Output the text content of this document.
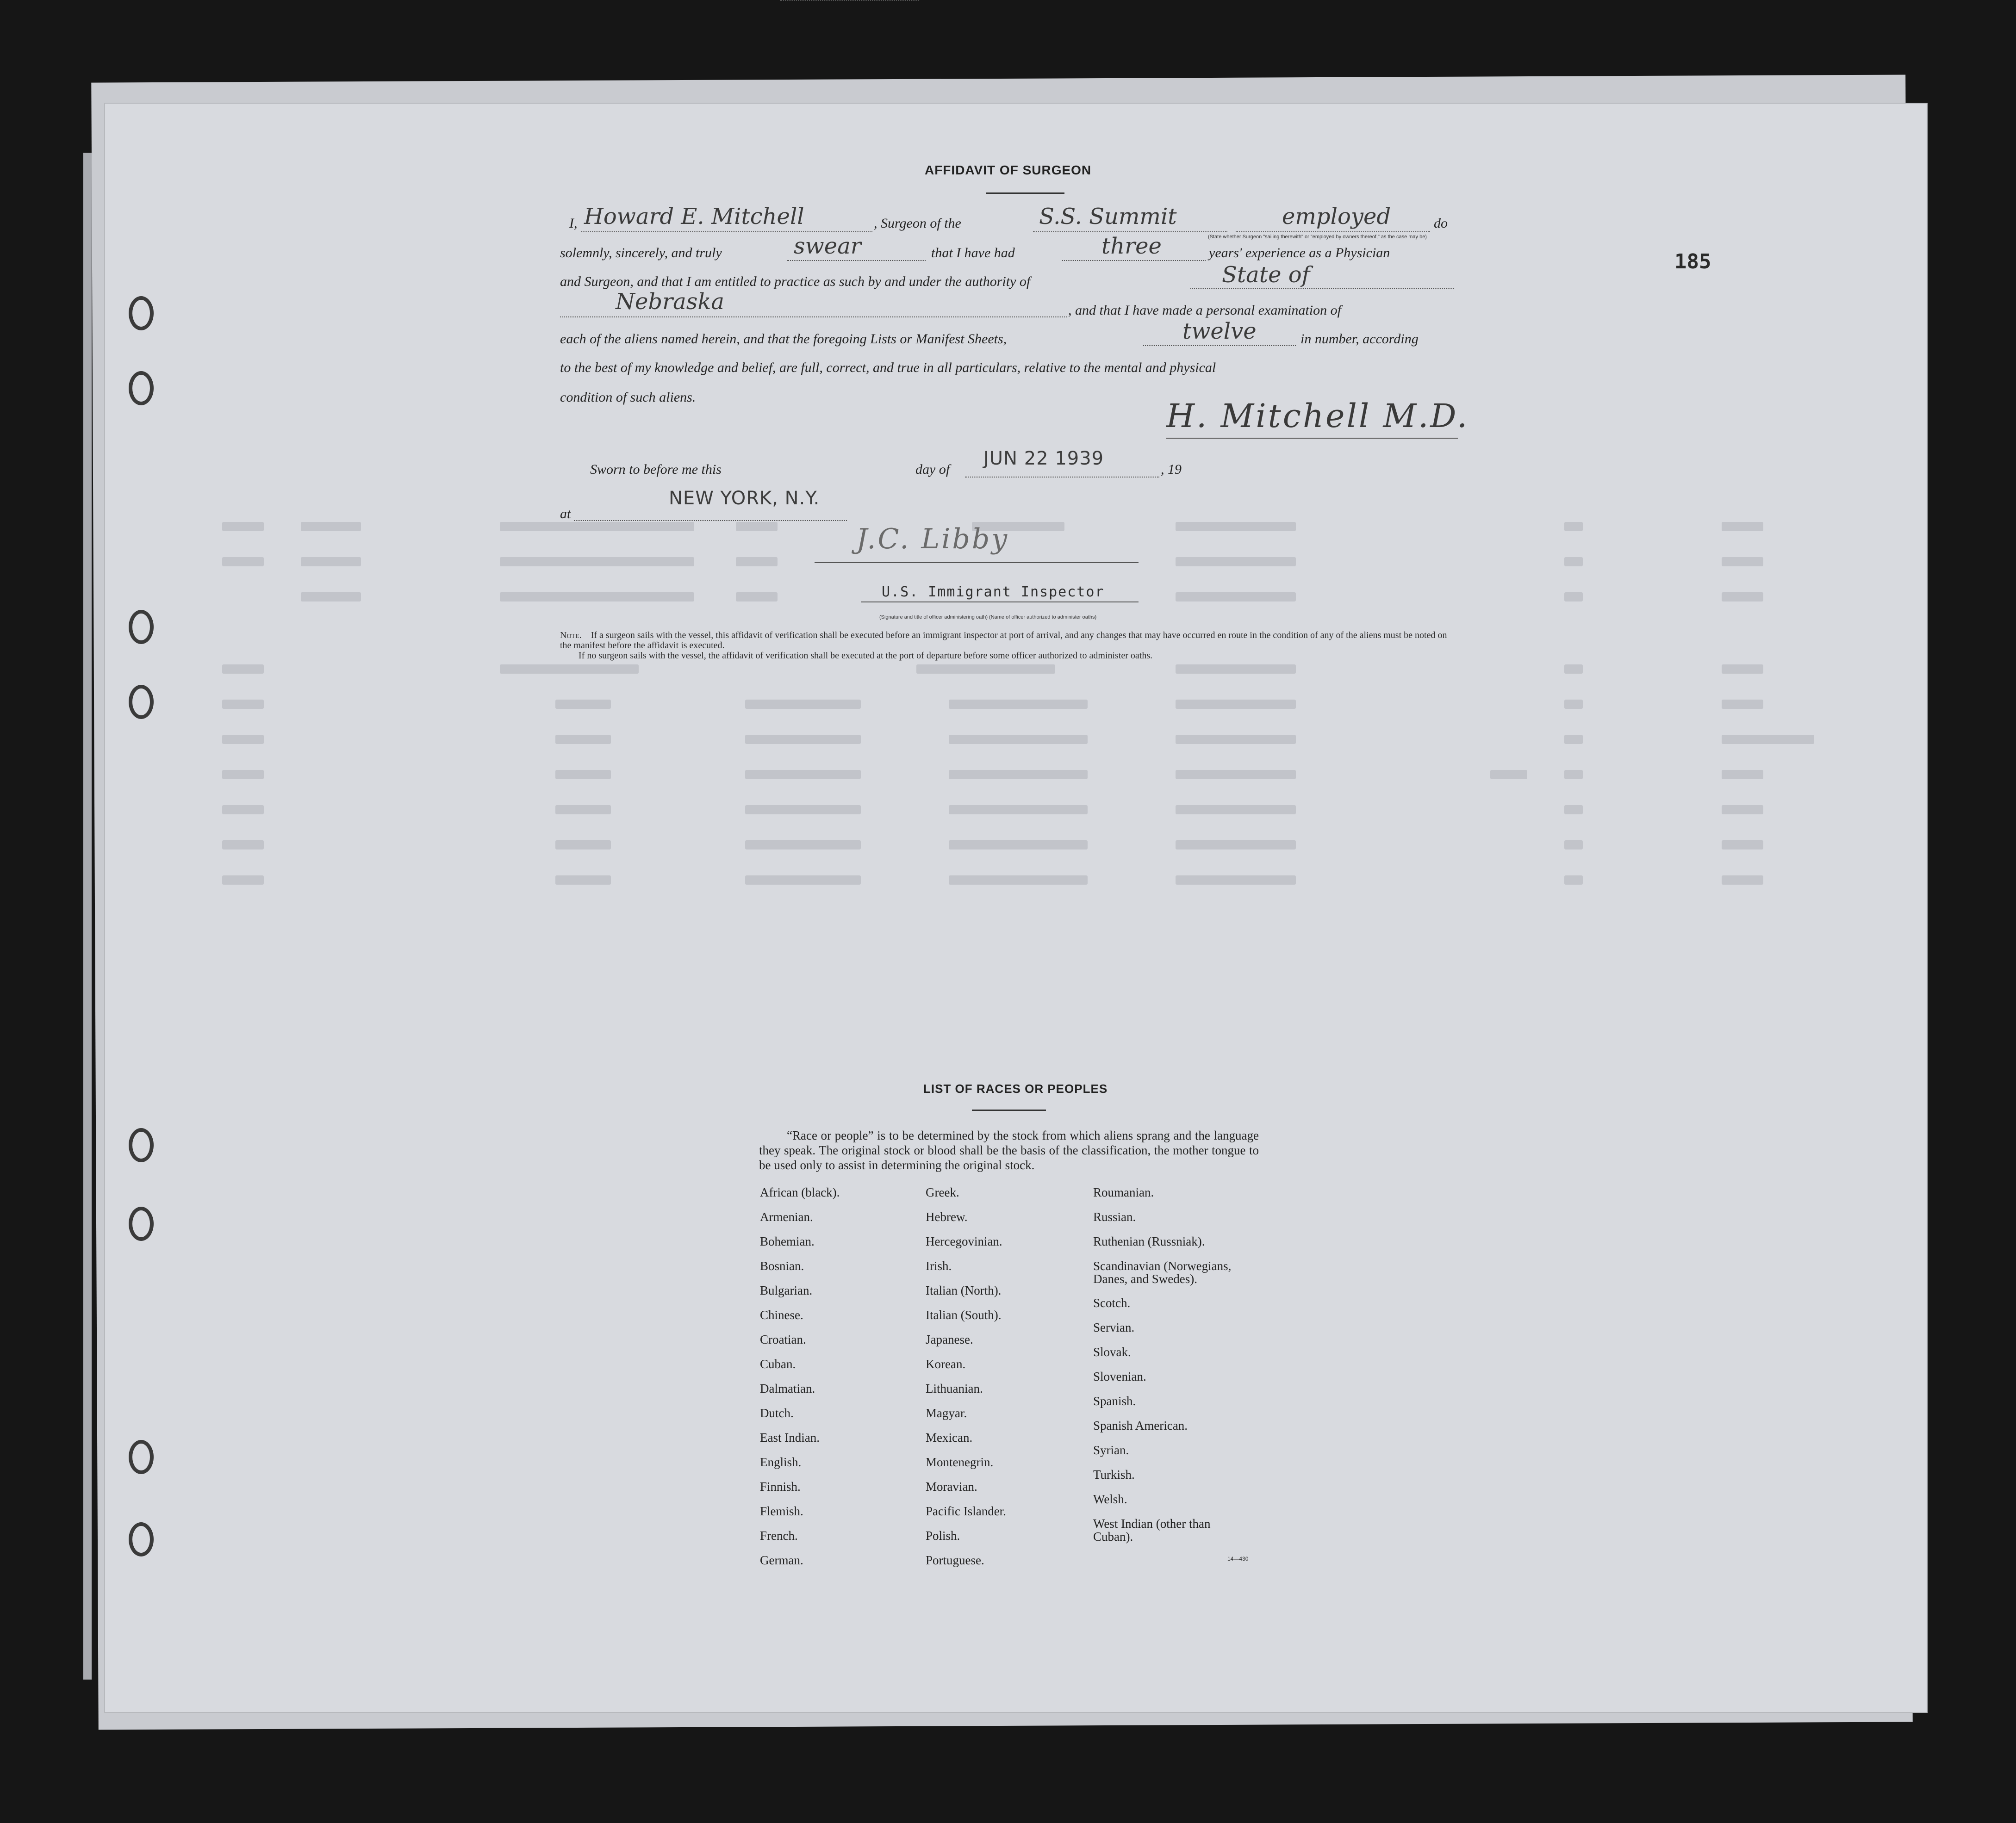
185
AFFIDAVIT OF SURGEON
I, Howard E. Mitchell	, Surgeon of the	S.S. Summit	employed	do
(State whether Surgeon "sailing therewith" or "employed by owners thereof," as the case may be)
solemnly, sincerely, and truly	swear	that I have had	three	years' experience as a Physician
and Surgeon, and that I am entitled to practice as such by and under the authority of	State of
Nebraska	, and that I have made a personal examination of
each of the aliens named herein, and that the foregoing Lists or Manifest Sheets,	twelve	in number, according
to the best of my knowledge and belief, are full, correct, and true in all particulars, relative to the mental and physical
condition of such aliens.	H. Mitchell M.D.
Sworn to before me this	day of
JUN 22 1939
, 19
NEW YORK, N.Y.
at
J.C. Libby
U.S. Immigrant Inspector
(Signature and title of officer administering oath) (Name of officer authorized to administer oaths)
Note.—If a surgeon sails with the vessel, this affidavit of verification shall be executed before an immigrant inspector at port of arrival, and any changes that may have occurred en route in the condition of any of the aliens must be noted on the manifest before the affidavit is executed.
If no surgeon sails with the vessel, the affidavit of verification shall be executed at the port of departure before some officer authorized to administer oaths.
LIST OF RACES OR PEOPLES
“Race or people” is to be determined by the stock from which aliens sprang and the language they speak. The original stock or blood shall be the basis of the classification, the mother tongue to be used only to assist in determining the original stock.
African (black).
Armenian.
Bohemian.
Bosnian.
Bulgarian.
Chinese.
Croatian.
Cuban.
Dalmatian.
Dutch.
East Indian.
English.
Finnish.
Flemish.
French.
German.
Greek.
Hebrew.
Hercegovinian.
Irish.
Italian (North).
Italian (South).
Japanese.
Korean.
Lithuanian.
Magyar.
Mexican.
Montenegrin.
Moravian.
Pacific Islander.
Polish.
Portuguese.
Roumanian.
Russian.
Ruthenian (Russniak).
Scandinavian (Norwegians, Danes, and Swedes).
Scotch.
Servian.
Slovak.
Slovenian.
Spanish.
Spanish American.
Syrian.
Turkish.
Welsh.
West Indian (other than Cuban).
14—430
